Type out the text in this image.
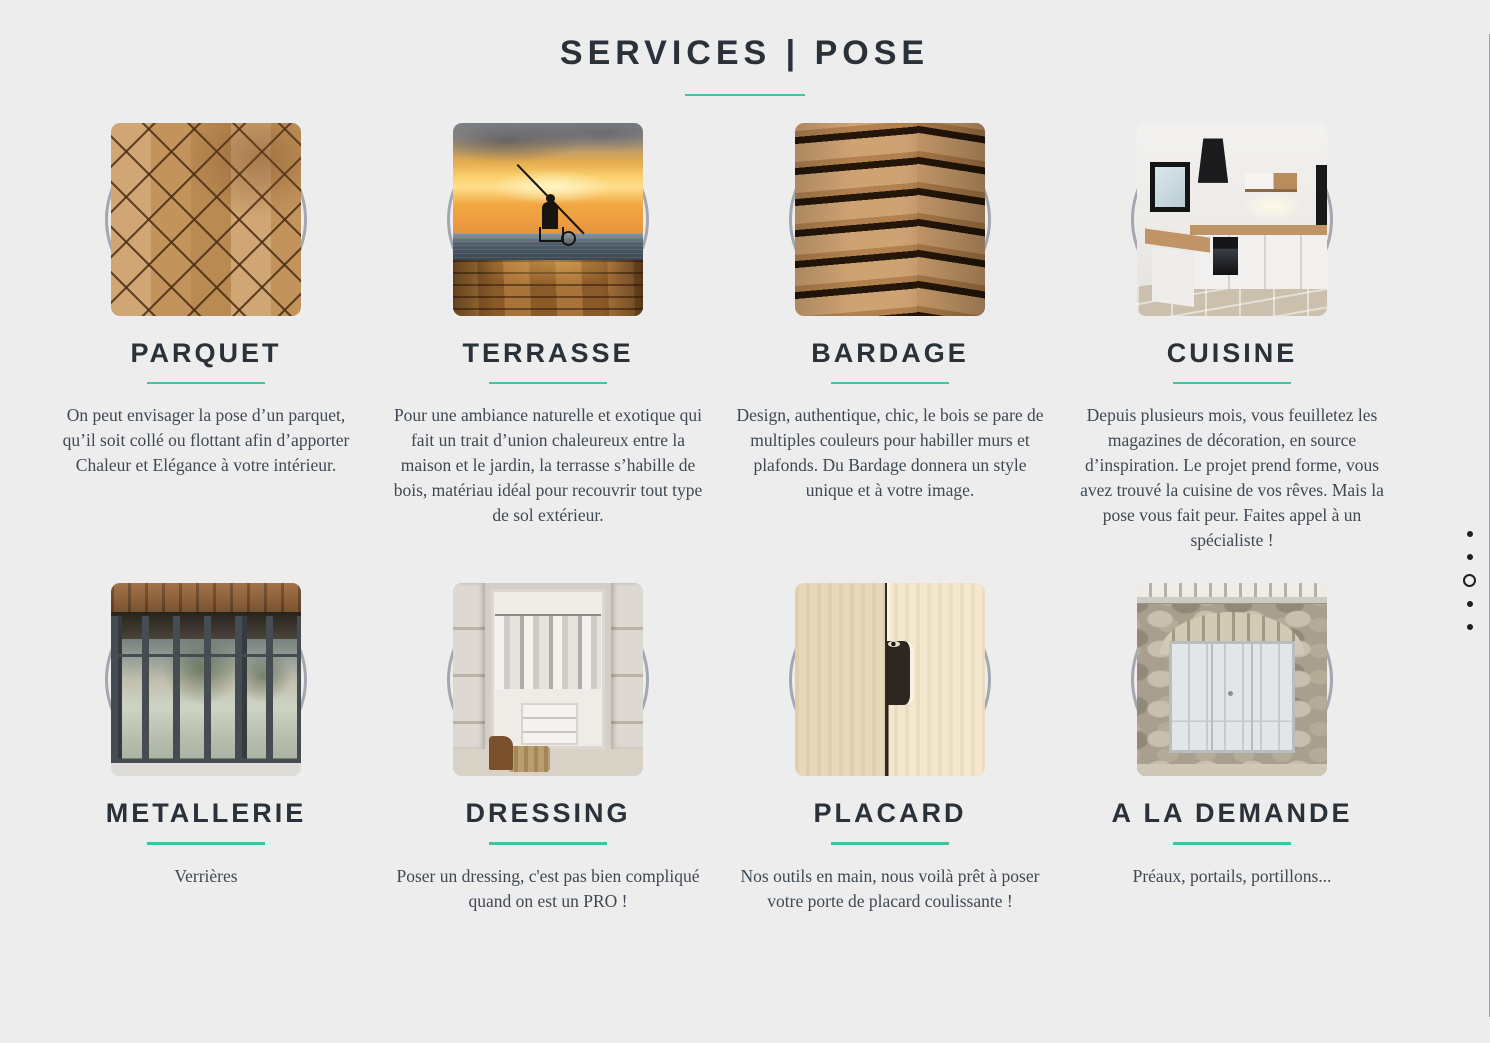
SERVICES | POSE
PARQUET

On peut envisager la pose d’un parquet, qu’il soit collé ou flottant afin d’apporter Chaleur et Elégance à votre intérieur.

TERRASSE

Pour une ambiance naturelle et exotique qui fait un trait d’union chaleureux entre la maison et le jardin, la terrasse s’habille de bois, matériau idéal pour recouvrir tout type de sol extérieur.

BARDAGE

Design, authentique, chic, le bois se pare de multiples couleurs pour habiller murs et plafonds. Du Bardage donnera un style unique et à votre image.

CUISINE

Depuis plusieurs mois, vous feuilletez les magazines de décoration, en source d’inspiration. Le projet prend forme, vous avez trouvé la cuisine de vos rêves. Mais la pose vous fait peur. Faites appel à un spécialiste !

METALLERIE

Verrières

DRESSING

Poser un dressing, c'est pas bien compliqué quand on est un PRO !

PLACARD

Nos outils en main, nous voilà prêt à poser votre porte de placard coulissante !

A LA DEMANDE

Préaux, portails, portillons...
